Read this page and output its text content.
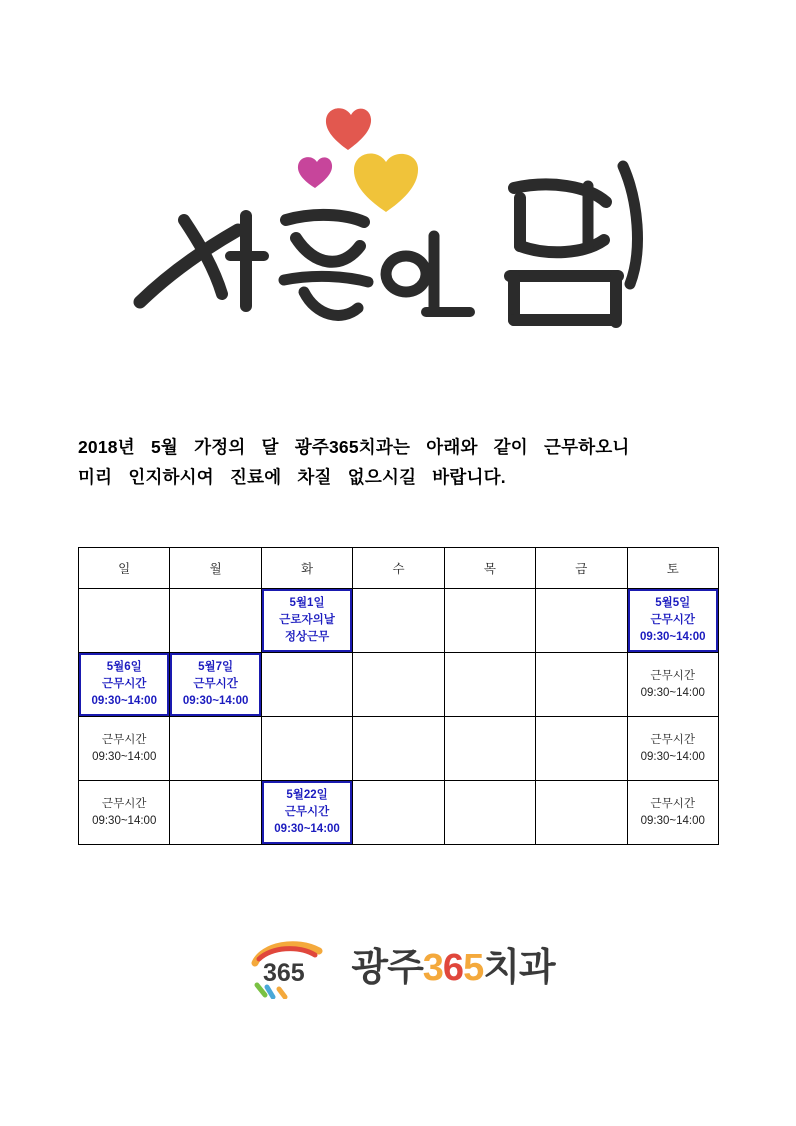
2018년  5월  가정의  달  광주365치과는  아래와  같이  근무하오니
미리  인지하시여  진료에  차질  없으시길  바랍니다.
일	월	화	수	목	금	토

		5월1일
근로자의날
정상근무				5월5일
근무시간
09:30~14:00

5월6일
근무시간
09:30~14:00	5월7일
근무시간
09:30~14:00					근무시간
09:30~14:00

근무시간
09:30~14:00						근무시간
09:30~14:00

근무시간
09:30~14:00		5월22일
근무시간
09:30~14:00				근무시간
09:30~14:00
365 광주 3 6 5 치과
